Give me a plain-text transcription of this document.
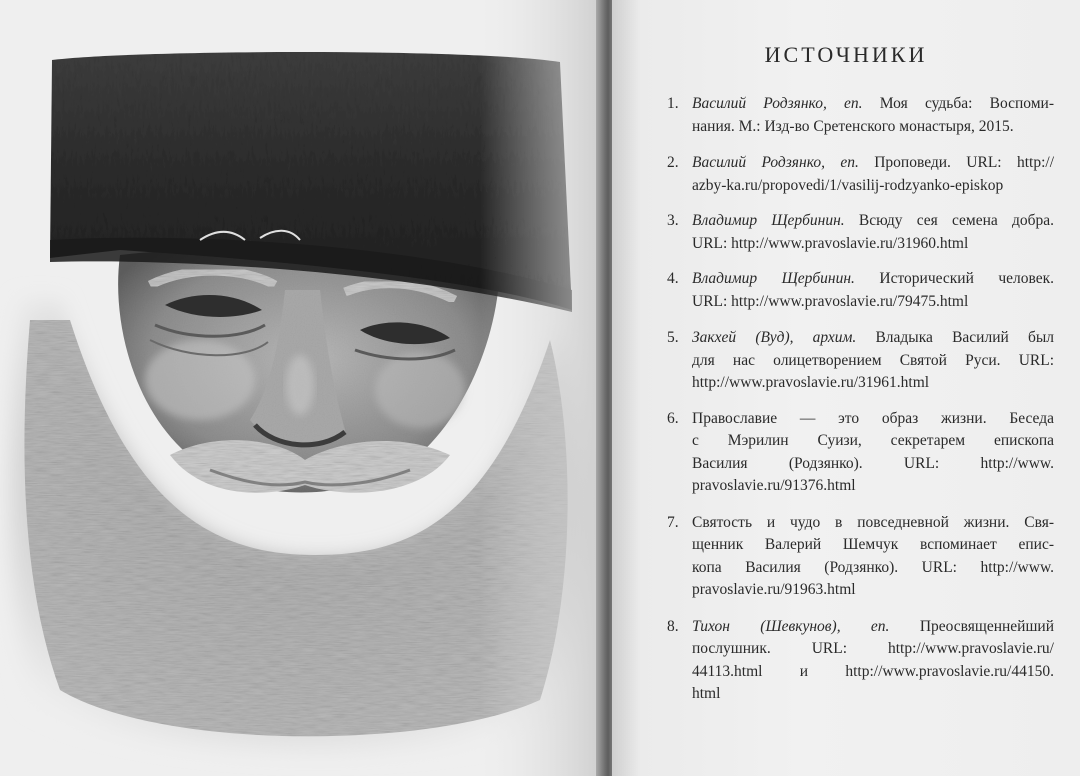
ИСТОЧНИКИ
1. Василий Родзянко, еп. Моя судьба: Воспоми-
нания. М.: Изд-во Сретенского монастыря, 2015.
2. Василий Родзянко, еп. Проповеди. URL: http://
azby-ka.ru/propovedi/1/vasilij-rodzyanko-episkop
3. Владимир Щербинин. Всюду сея семена добра.
URL: http://www.pravoslavie.ru/31960.html
4. Владимир Щербинин. Исторический человек.
URL: http://www.pravoslavie.ru/79475.html
5. Закхей (Вуд), архим. Владыка Василий был
для нас олицетворением Святой Руси. URL:
http://www.pravoslavie.ru/31961.html
6. Православие — это образ жизни. Беседа
с Мэрилин Суизи, секретарем епископа
Василия (Родзянко). URL: http://www.
pravoslavie.ru/91376.html
7. Святость и чудо в повседневной жизни. Свя-
щенник Валерий Шемчук вспоминает епис-
копа Василия (Родзянко). URL: http://www.
pravoslavie.ru/91963.html
8. Тихон (Шевкунов), еп. Преосвященнейший
послушник. URL: http://www.pravoslavie.ru/
44113.html и http://www.pravoslavie.ru/44150.
html
